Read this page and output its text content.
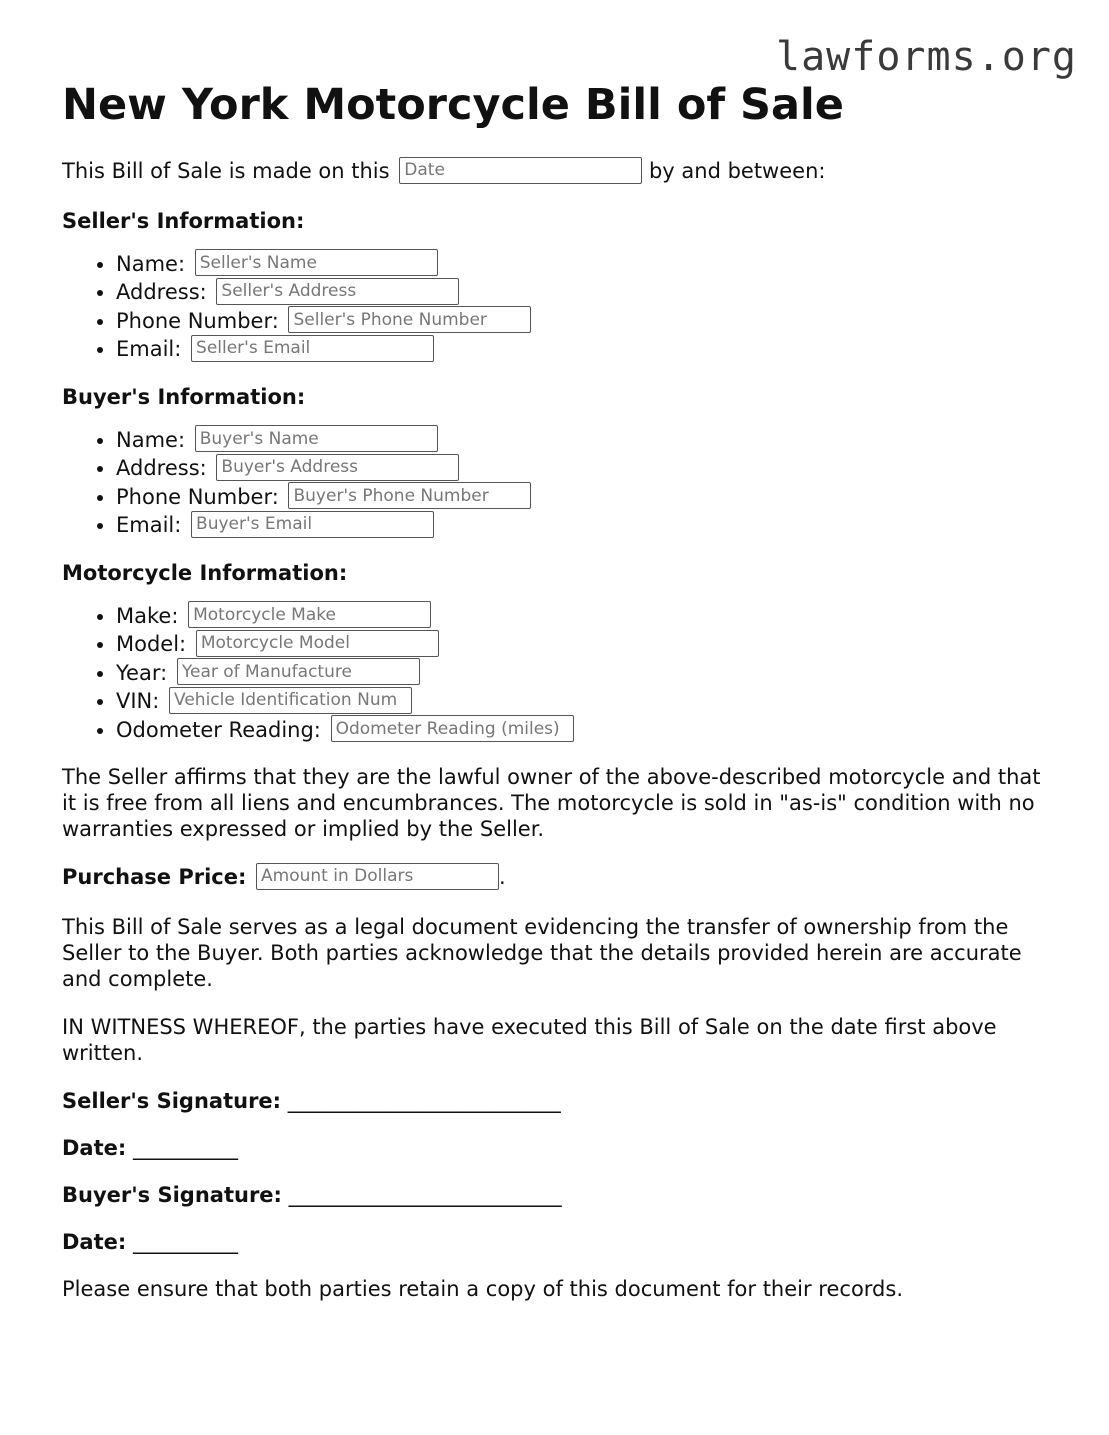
lawforms.org
New York Motorcycle Bill of Sale

This Bill of Sale is made on this Date	by and between:

Seller's Information:
• Name: Seller's Name
• Address: Seller's Address
• Phone Number: Seller's Phone Number
• Email: Seller's Email
Buyer's Information:
• Name: Buyer's Name
• Address: Buyer's Address
• Phone Number: Buyer's Phone Number
• Email: Buyer's Email
Motorcycle Information:
• Make: Motorcycle Make
• Model: Motorcycle Model
• Year: Year of Manufacture
• VIN: Vehicle Identification Num
• Odometer Reading: Odometer Reading (miles)

The Seller affirms that they are the lawful owner of the above-described motorcycle and that it is free from all liens and encumbrances. The motorcycle is sold in "as-is" condition with no warranties expressed or implied by the Seller.

Purchase Price: Amount in Dollars	.

This Bill of Sale serves as a legal document evidencing the transfer of ownership from the Seller to the Buyer. Both parties acknowledge that the details provided herein are accurate and complete.

IN WITNESS WHEREOF, the parties have executed this Bill of Sale on the date first above written.

Seller's Signature: __________________________
Date: __________
Buyer's Signature: __________________________
Date: __________

Please ensure that both parties retain a copy of this document for their records.
